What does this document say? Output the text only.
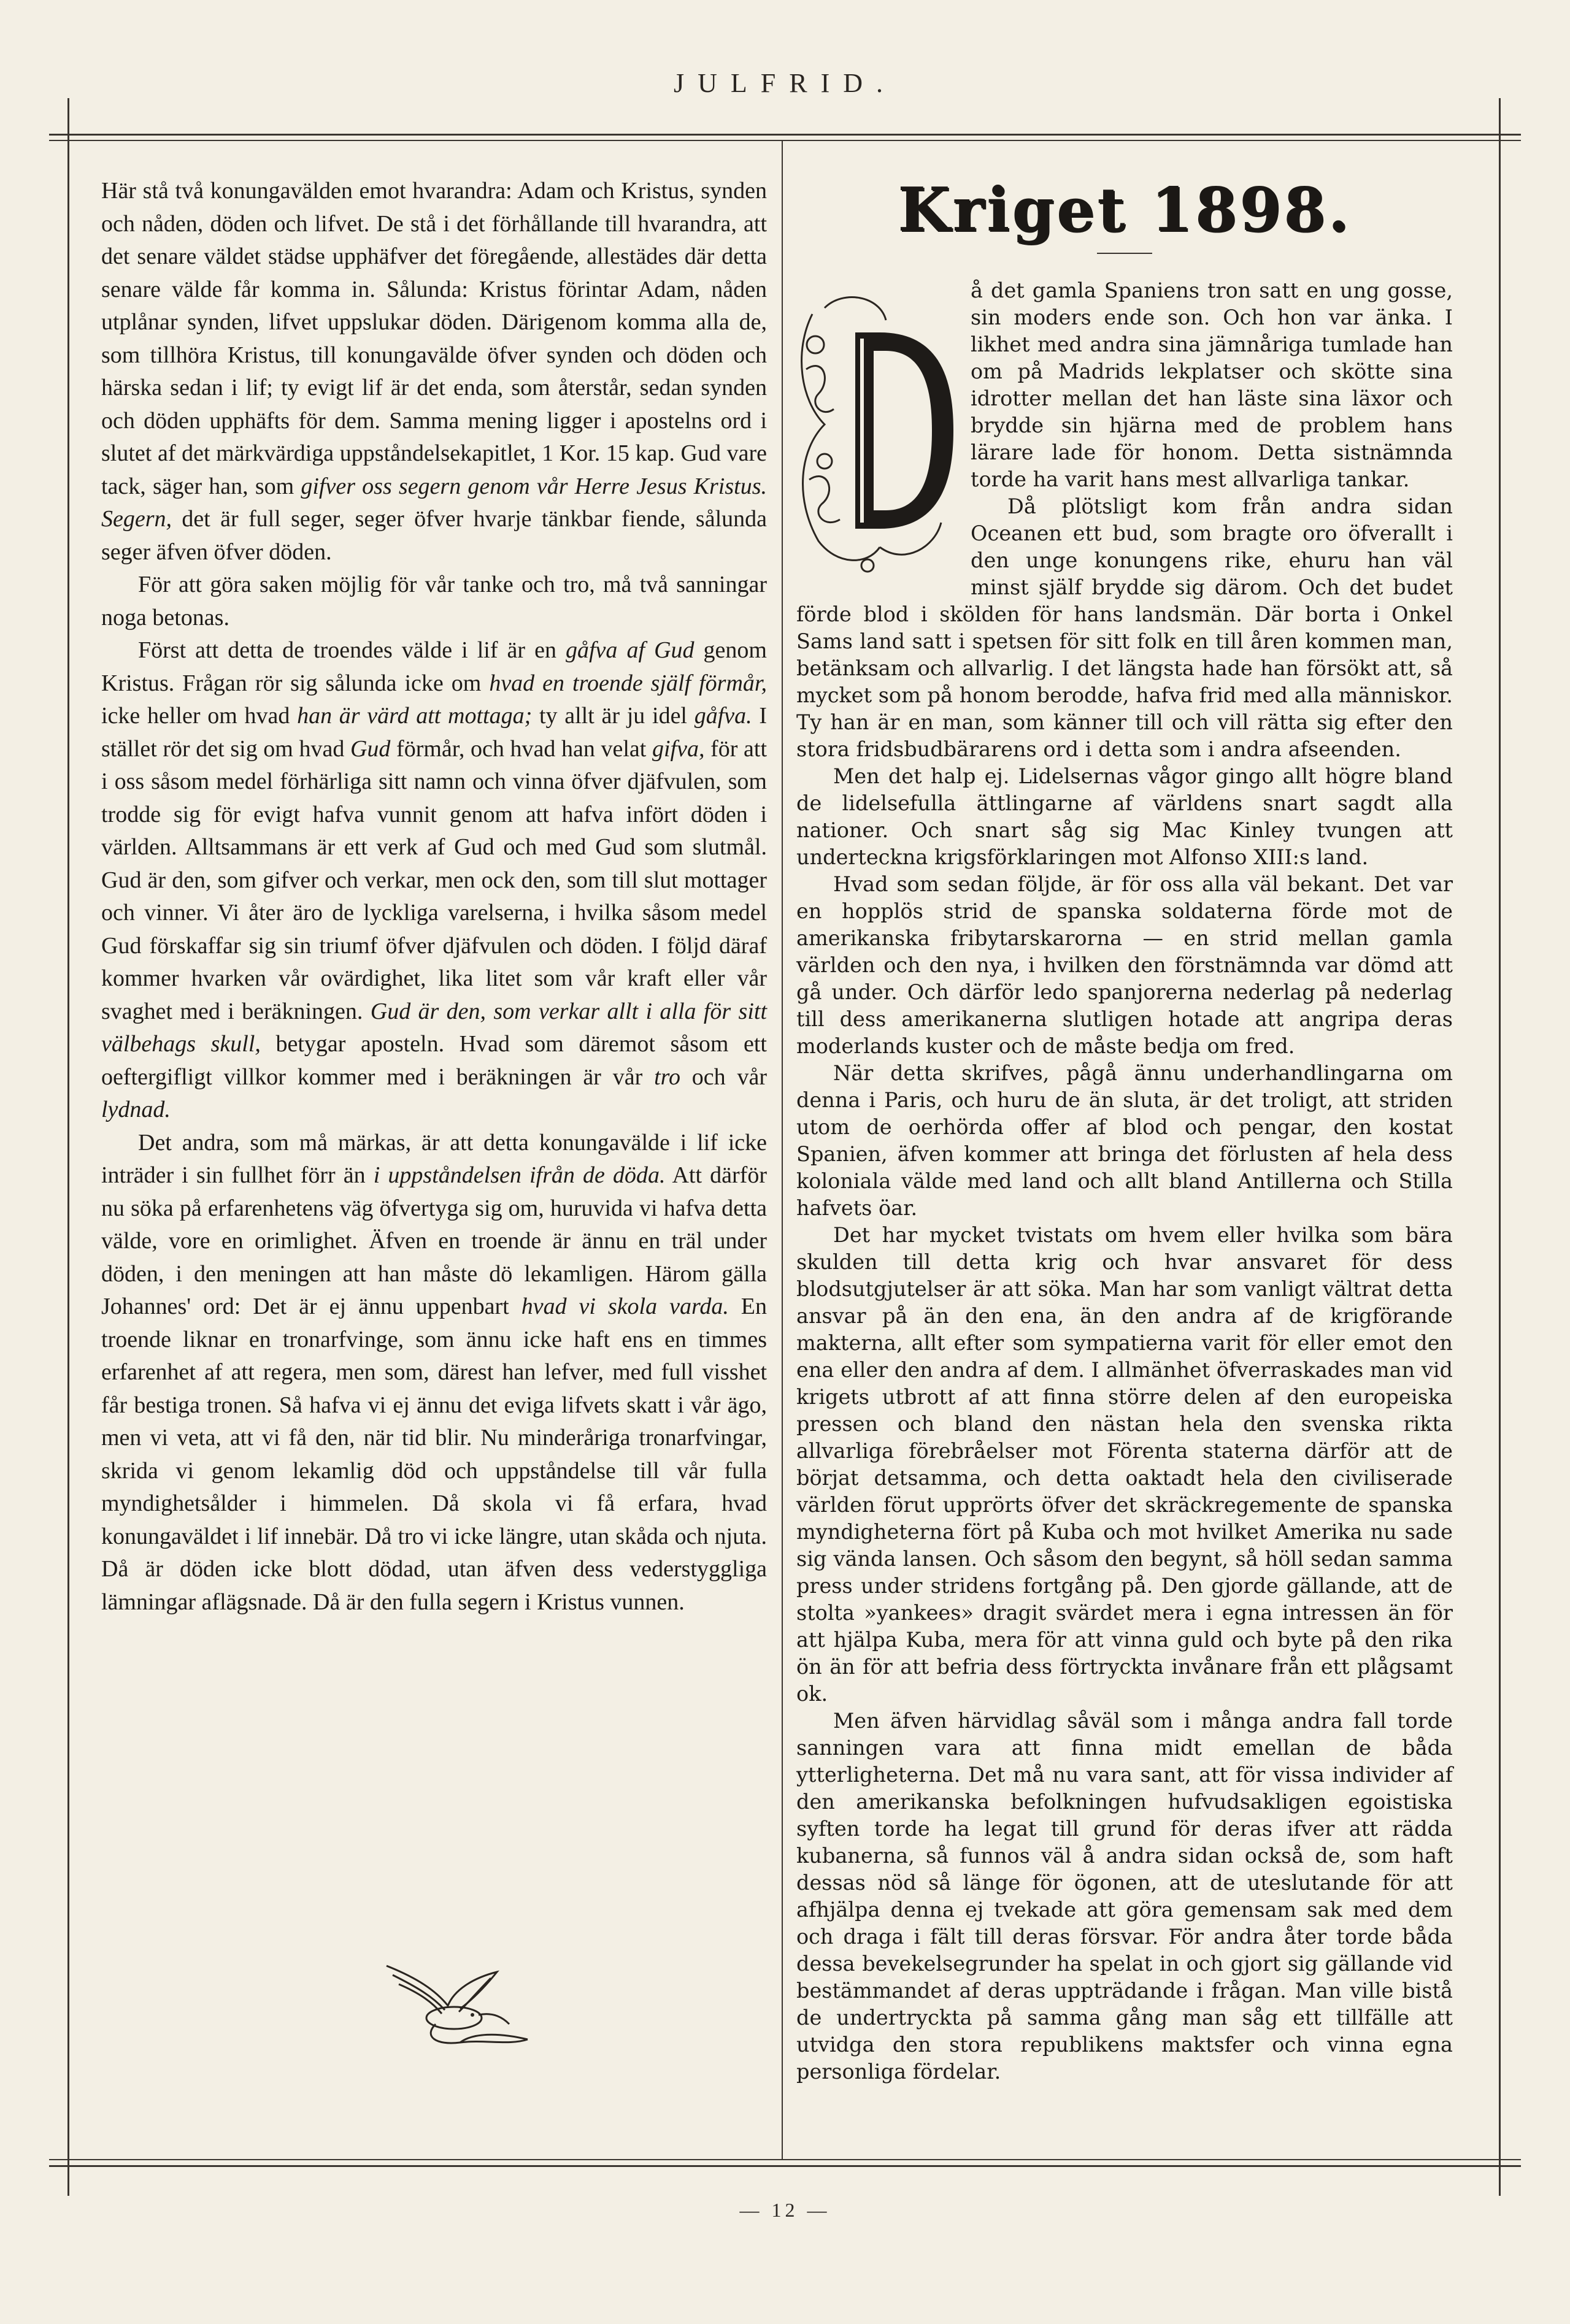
JULFRID.

Här stå två konungavälden emot hvarandra: Adam och Kristus, synden och nåden, döden och lifvet. De stå i det förhållande till hvarandra, att det senare väldet städse upphäfver det föregående, allestädes där detta senare välde får komma in. Sålunda: Kristus förintar Adam, nåden utplånar synden, lifvet uppslukar döden. Därigenom komma alla de, som tillhöra Kristus, till konungavälde öfver synden och döden och härska sedan i lif; ty evigt lif är det enda, som återstår, sedan synden och döden upphäfts för dem. Samma mening ligger i apostelns ord i slutet af det märkvärdiga uppståndelsekapitlet, 1 Kor. 15 kap. Gud vare tack, säger han, som gifver oss segern genom vår Herre Jesus Kristus. Segern, det är full seger, seger öfver hvarje tänkbar fiende, sålunda seger äfven öfver döden.

För att göra saken möjlig för vår tanke och tro, må två sanningar noga betonas.

Först att detta de troendes välde i lif är en gåfva af Gud genom Kristus. Frågan rör sig sålunda icke om hvad en troende själf förmår, icke heller om hvad han är värd att mottaga; ty allt är ju idel gåfva. I stället rör det sig om hvad Gud förmår, och hvad han velat gifva, för att i oss såsom medel förhärliga sitt namn och vinna öfver djäfvulen, som trodde sig för evigt hafva vunnit genom att hafva infört döden i världen. Alltsammans är ett verk af Gud och med Gud som slutmål. Gud är den, som gifver och verkar, men ock den, som till slut mottager och vinner. Vi åter äro de lyckliga varelserna, i hvilka såsom medel Gud förskaffar sig sin triumf öfver djäfvulen och döden. I följd däraf kommer hvarken vår ovärdighet, lika litet som vår kraft eller vår svaghet med i beräkningen. Gud är den, som verkar allt i alla för sitt välbehags skull, betygar aposteln. Hvad som däremot såsom ett oeftergifligt villkor kommer med i beräkningen är vår tro och vår lydnad.

Det andra, som må märkas, är att detta konungavälde i lif icke inträder i sin fullhet förr än i uppståndelsen ifrån de döda. Att därför nu söka på erfarenhetens väg öfvertyga sig om, huruvida vi hafva detta välde, vore en orimlighet. Äfven en troende är ännu en träl under döden, i den meningen att han måste dö lekamligen. Härom gälla Johannes' ord: Det är ej ännu uppenbart hvad vi skola varda. En troende liknar en tronarfvinge, som ännu icke haft ens en timmes erfarenhet af att regera, men som, därest han lefver, med full visshet får bestiga tronen. Så hafva vi ej ännu det eviga lifvets skatt i vår ägo, men vi veta, att vi få den, när tid blir. Nu minderåriga tronarfvingar, skrida vi genom lekamlig död och uppståndelse till vår fulla myndighetsålder i himmelen. Då skola vi få erfara, hvad konungaväldet i lif innebär. Då tro vi icke längre, utan skåda och njuta. Då är döden icke blott dödad, utan äfven dess vederstyggliga lämningar aflägsnade. Då är den fulla segern i Kristus vunnen.

Kriget 1898.

å det gamla Spaniens tron satt en ung gosse, sin moders ende son. Och hon var änka. I likhet med andra sina jämnåriga tumlade han om på Madrids lekplatser och skötte sina idrotter mellan det han läste sina läxor och brydde sin hjärna med de problem hans lärare lade för honom. Detta sistnämnda torde ha varit hans mest allvarliga tankar.

Då plötsligt kom från andra sidan Oceanen ett bud, som bragte oro öfverallt i den unge konungens rike, ehuru han väl minst själf brydde sig därom. Och det budet förde blod i skölden för hans landsmän. Där borta i Onkel Sams land satt i spetsen för sitt folk en till åren kommen man, betänksam och allvarlig. I det längsta hade han försökt att, så mycket som på honom berodde, hafva frid med alla människor. Ty han är en man, som känner till och vill rätta sig efter den stora fridsbudbärarens ord i detta som i andra afseenden.

Men det halp ej. Lidelsernas vågor gingo allt högre bland de lidelsefulla ättlingarne af världens snart sagdt alla nationer. Och snart såg sig Mac Kinley tvungen att underteckna krigsförklaringen mot Alfonso XIII:s land.

Hvad som sedan följde, är för oss alla väl bekant. Det var en hopplös strid de spanska soldaterna förde mot de amerikanska fribytarskarorna — en strid mellan gamla världen och den nya, i hvilken den förstnämnda var dömd att gå under. Och därför ledo spanjorerna nederlag på nederlag till dess amerikanerna slutligen hotade att angripa deras moderlands kuster och de måste bedja om fred.

När detta skrifves, pågå ännu underhandlingarna om denna i Paris, och huru de än sluta, är det troligt, att striden utom de oerhörda offer af blod och pengar, den kostat Spanien, äfven kommer att bringa det förlusten af hela dess koloniala välde med land och allt bland Antillerna och Stilla hafvets öar.

Det har mycket tvistats om hvem eller hvilka som bära skulden till detta krig och hvar ansvaret för dess blodsutgjutelser är att söka. Man har som vanligt vältrat detta ansvar på än den ena, än den andra af de krigförande makterna, allt efter som sympatierna varit för eller emot den ena eller den andra af dem. I allmänhet öfverraskades man vid krigets utbrott af att finna större delen af den europeiska pressen och bland den nästan hela den svenska rikta allvarliga förebråelser mot Förenta staterna därför att de börjat detsamma, och detta oaktadt hela den civiliserade världen förut upprörts öfver det skräckregemente de spanska myndigheterna fört på Kuba och mot hvilket Amerika nu sade sig vända lansen. Och såsom den begynt, så höll sedan samma press under stridens fortgång på. Den gjorde gällande, att de stolta »yankees» dragit svärdet mera i egna intressen än för att hjälpa Kuba, mera för att vinna guld och byte på den rika ön än för att befria dess förtryckta invånare från ett plågsamt ok.

Men äfven härvidlag såväl som i många andra fall torde sanningen vara att finna midt emellan de båda ytterligheterna. Det må nu vara sant, att för vissa individer af den amerikanska befolkningen hufvudsakligen egoistiska syften torde ha legat till grund för deras ifver att rädda kubanerna, så funnos väl å andra sidan också de, som haft dessas nöd så länge för ögonen, att de uteslutande för att afhjälpa denna ej tvekade att göra gemensam sak med dem och draga i fält till deras försvar. För andra åter torde båda dessa bevekelsegrunder ha spelat in och gjort sig gällande vid bestämmandet af deras uppträdande i frågan. Man ville bistå de undertryckta på samma gång man såg ett tillfälle att utvidga den stora republikens maktsfer och vinna egna personliga fördelar.

— 12 —
